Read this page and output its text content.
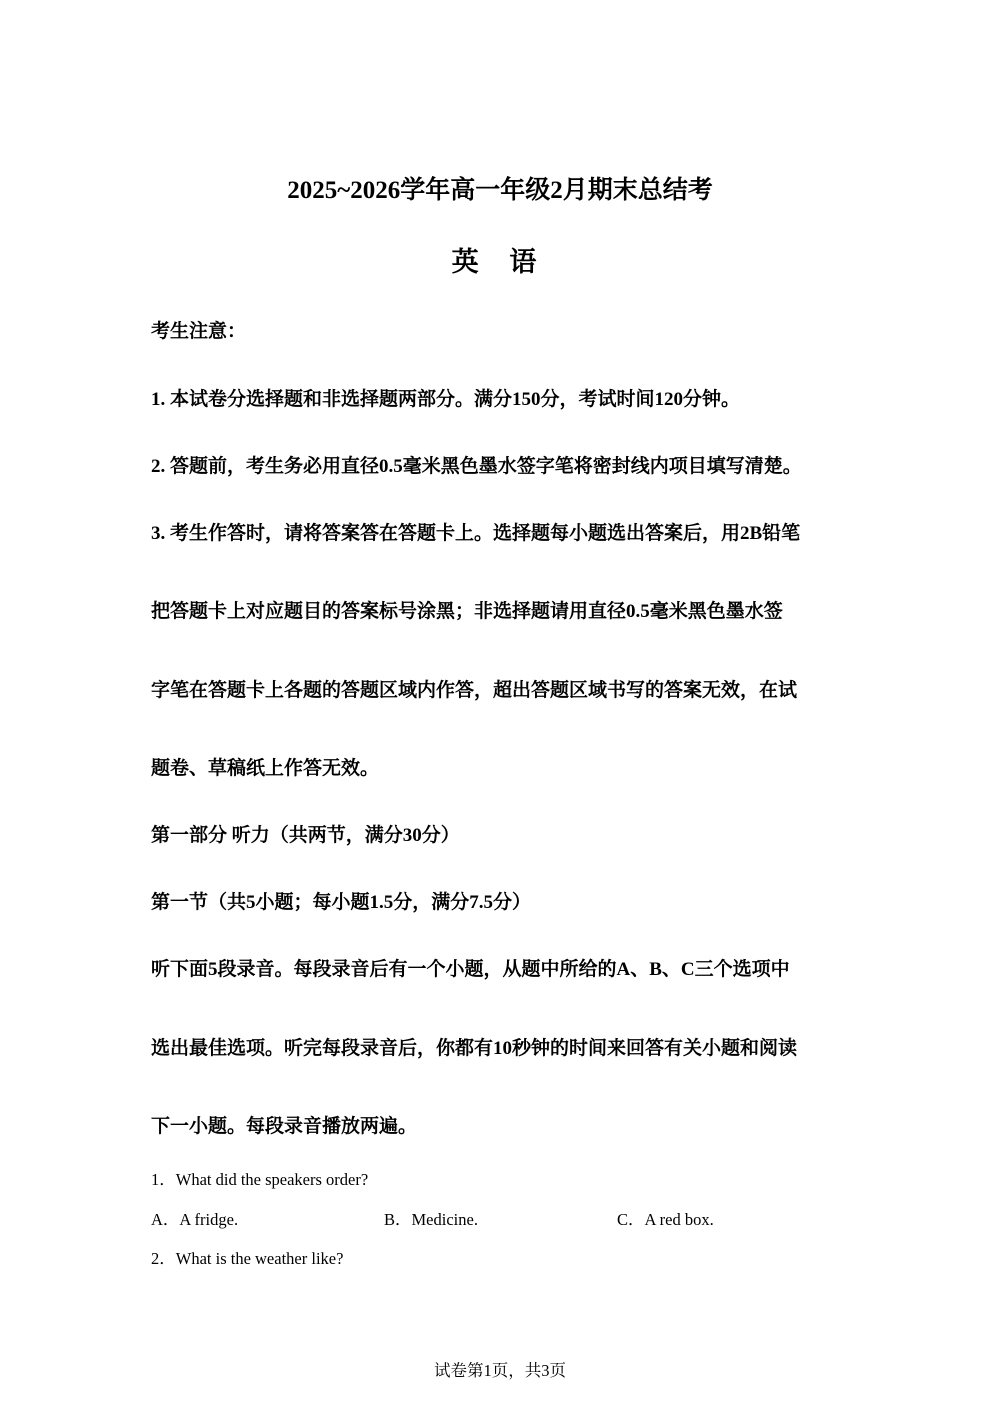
2025~2026学年高一年级2月期末总结考
英 语
考生注意：
1. 本试卷分选择题和非选择题两部分。满分150分，考试时间120分钟。
2. 答题前，考生务必用直径0.5毫米黑色墨水签字笔将密封线内项目填写清楚。
3. 考生作答时，请将答案答在答题卡上。选择题每小题选出答案后，用2B铅笔
把答题卡上对应题目的答案标号涂黑；非选择题请用直径0.5毫米黑色墨水签
字笔在答题卡上各题的答题区域内作答，超出答题区域书写的答案无效，在试
题卷、草稿纸上作答无效。
第一部分 听力（共两节，满分30分）
第一节（共5小题；每小题1.5分，满分7.5分）
听下面5段录音。每段录音后有一个小题，从题中所给的A、B、C三个选项中
选出最佳选项。听完每段录音后，你都有10秒钟的时间来回答有关小题和阅读
下一小题。每段录音播放两遍。
1．What did the speakers order?
A．A fridge.	B．Medicine.	C．A red box.
2．What is the weather like?
试卷第1页，共3页
